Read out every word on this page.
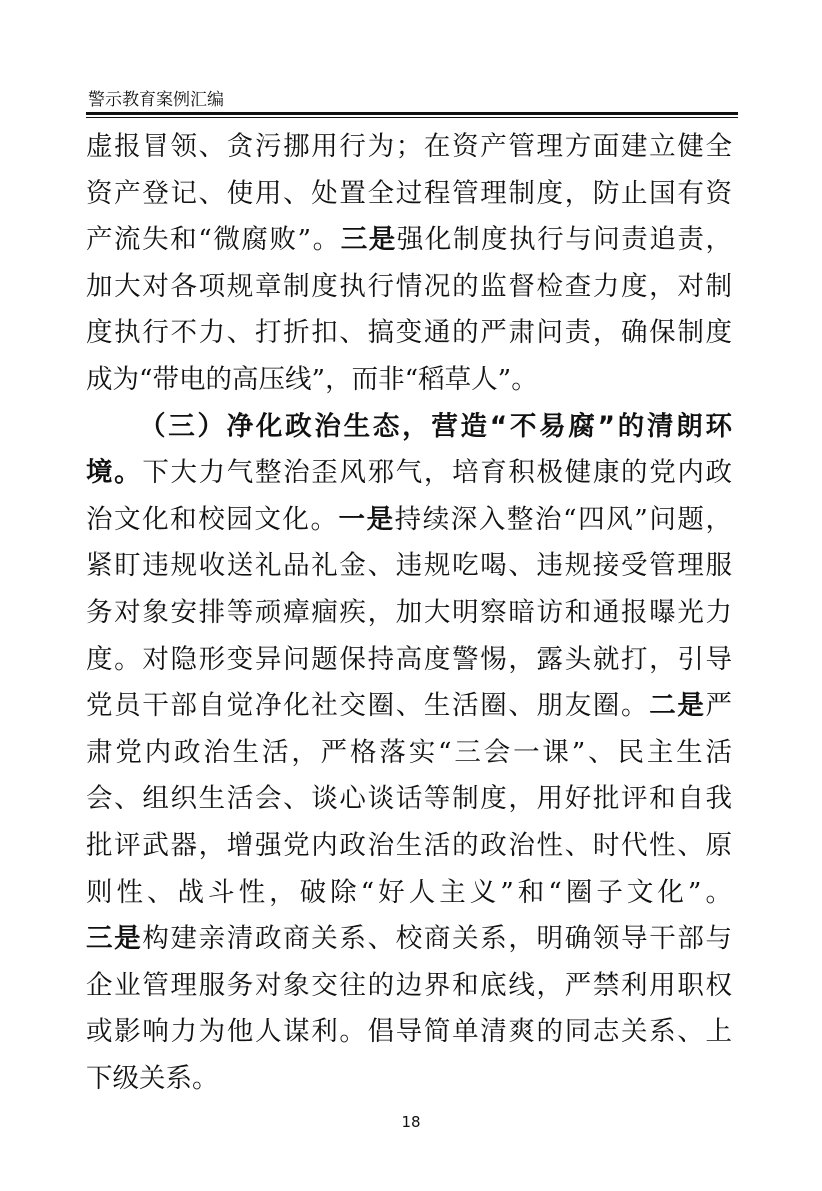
警示教育案例汇编
虚报冒领、贪污挪用行为；在资产管理方面建立健全
资产登记、使用、处置全过程管理制度，防止国有资
产流失和“微腐败”。三是强化制度执行与问责追责，
加大对各项规章制度执行情况的监督检查力度，对制
度执行不力、打折扣、搞变通的严肃问责，确保制度
成为“带电的高压线”，而非“稻草人”。
（三）净化政治生态，营造“不易腐”的清朗环
境。下大力气整治歪风邪气，培育积极健康的党内政
治文化和校园文化。一是持续深入整治“四风”问题，
紧盯违规收送礼品礼金、违规吃喝、违规接受管理服
务对象安排等顽瘴痼疾，加大明察暗访和通报曝光力
度。对隐形变异问题保持高度警惕，露头就打，引导
党员干部自觉净化社交圈、生活圈、朋友圈。二是严
肃党内政治生活，严格落实“三会一课”、民主生活
会、组织生活会、谈心谈话等制度，用好批评和自我
批评武器，增强党内政治生活的政治性、时代性、原
则性、战斗性，破除“好人主义”和“圈子文化”。
三是构建亲清政商关系、校商关系，明确领导干部与
企业管理服务对象交往的边界和底线，严禁利用职权
或影响力为他人谋利。倡导简单清爽的同志关系、上
下级关系。
18
